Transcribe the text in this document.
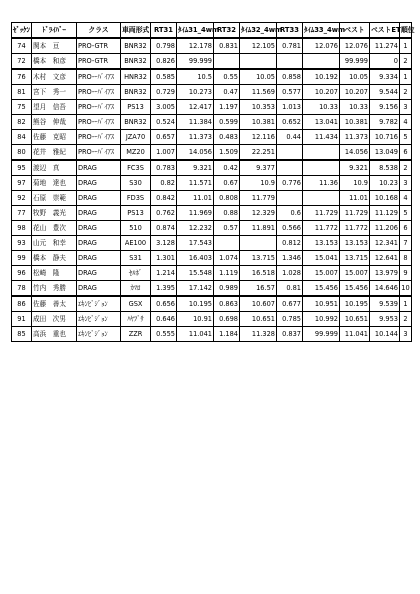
ｾﾞｯｹﾝ	ﾄﾞﾗｲﾊﾞｰ	クラス	車両形式	RT31	ﾀｲﾑ31_4wm	RT32	ﾀｲﾑ32_4wm	RT33	ﾀｲﾑ33_4wm	ベスト	ベストET	順位
74	関本　亘	PRO-GTR	BNR32	0.798	12.178	0.831	12.105	0.781	12.076	12.076	11.274	1
72	橋本　和彦	PRO-GTR	BNR32	0.826	99.999					99.999	0	2
76	木村　文彦	PRO-ｰﾊﾞｲｱｽ	HNR32	0.585	10.5	0.55	10.05	0.858	10.192	10.05	9.334	1
81	宮下　秀一	PRO-ｰﾊﾞｲｱｽ	BNR32	0.729	10.273	0.47	11.569	0.577	10.207	10.207	9.544	2
75	望月　信吾	PRO-ｰﾊﾞｲｱｽ	PS13	3.005	12.417	1.197	10.353	1.013	10.33	10.33	9.156	3
82	熊谷　伸哉	PRO-ｰﾊﾞｲｱｽ	BNR32	0.524	11.384	0.599	10.381	0.652	13.041	10.381	9.782	4
84	佐藤　克昭	PRO-ｰﾊﾞｲｱｽ	JZA70	0.657	11.373	0.483	12.116	0.44	11.434	11.373	10.716	5
80	花井　雅紀	PRO-ｰﾊﾞｲｱｽ	MZ20	1.007	14.056	1.509	22.251			14.056	13.049	6
95	渡辺　真	DRAG	FC3S	0.783	9.321	0.42	9.377			9.321	8.538	2
97	菊地　達也	DRAG	S30	0.82	11.571	0.67	10.9	0.776	11.36	10.9	10.23	3
92	石原　崇範	DRAG	FD3S	0.842	11.01	0.808	11.779			11.01	10.168	4
77	牧野　義光	DRAG	PS13	0.762	11.969	0.88	12.329	0.6	11.729	11.729	11.129	5
98	花山　豊次	DRAG	510	0.874	12.232	0.57	11.891	0.566	11.772	11.772	11.206	6
93	山元　和幸	DRAG	AE100	3.128	17.543			0.812	13.153	13.153	12.341	7
99	橋本　静夫	DRAG	S31	1.301	16.403	1.074	13.715	1.346	15.041	13.715	12.641	8
96	松崎　隆	DRAG	ｾﾙﾎﾞ	1.214	15.548	1.119	16.518	1.028	15.007	15.007	13.979	9
78	竹内　秀勝	DRAG	ｶﾏﾛ	1.395	17.142	0.989	16.57	0.81	15.456	15.456	14.646	10
86	佐藤　善太	ｴｷﾝﾋﾞｼﾞｮﾝ	GSX	0.656	10.195	0.863	10.607	0.677	10.951	10.195	9.539	1
91	成田　次男	ｴｷﾝﾋﾞｼﾞｮﾝ	ﾊﾔﾌﾞｻ	0.646	10.91	0.698	10.651	0.785	10.992	10.651	9.953	2
85	高浜　重也	ｴｷﾝﾋﾞｼﾞｮﾝ	ZZR	0.555	11.041	1.184	11.328	0.837	99.999	11.041	10.144	3
